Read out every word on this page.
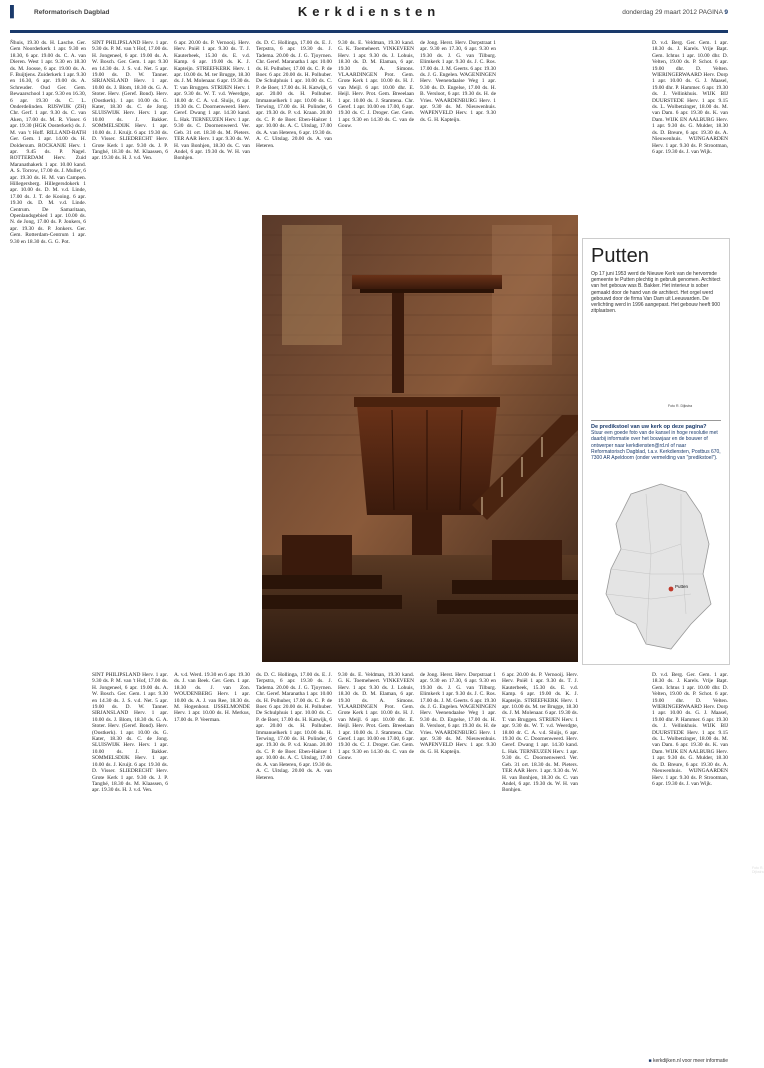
▌ Reformatorisch Dagblad	Kerkdiensten	donderdag 29 maart 2012 PAGINA 9

Ñhuis, 19.30 ds. H. Lasche. Ger. Gem Noorderkerk 1 apr. 9.30 en 18.30, 6 apr. 19.00 ds. C. A. van Dieren. West 1 apr. 9.30 en 18.30 ds. M. Joosse, 6 apr. 19.00 ds. A. F. Buijtjens. Zuiderkerk 1 apr. 9.30 en 16.30, 6 apr. 19.00 ds. A. Schreuder. Oud Ger. Gem. Bewaarschool 1 apr. 9.30 en 16.30, 6 apr. 19.30 ds. C. L. Onderdelinden. RIJSWIJK (ZH) Chr. Gerf. 1 apr. 9.30 ds. C. van Aken, 17.00 ds. M. R. Visser. 6 apr. 19.30 (HGK Oosterkerk) ds. J. M. van 't Hoff. RILLAND-BATH Ger. Gem. 1 apr. 14.00 ds. H. Doldersum. ROCKANJE Herv. 1 apr. 9.45 ds. P. Nagel. ROTTERDAM Herv. Zuid Maranathakerk 1 apr. 10.00 kand. A. S. Torrow, 17.00 ds. J. Muller, 6 apr. 19.30 ds. H. M. van Campen. Hillegersberg. Hillegersdokerk 1 apr. 10.00 ds. D. M. v.d. Linde, 17.00 ds. J. T. de Kooing. 6 apr. 19.30 ds. D. M. v.d. Linde. Centrum. De Samaritaan, Openlandsgebied 1 apr. 10.00 ds. N. de Jong, 17.00 ds. P. Jonkers, 6 apr. 19.30 ds. P. Jonkers. Ger. Gem. Rotterdam-Centrum 1 apr. 9.30 en 18.30 ds. G. G. Pot.

SINT PHILIPSLAND Herv. 1 apr. 9.30 ds. P. M. van 't Hof, 17.00 ds. H. Jongeneel, 6 apr. 19.00 ds. A. W. Bosch. Ger. Gem. 1 apr. 9.30 en 14.30 ds. J. S. v.d. Net. 5 apr. 19.00 ds. D. W. Tanner. SIRJANSLAND Herv. 1 apr. 10.00 ds. J. Blom, 18.30 ds. G. A. Stoter. Herv. (Geref. Bond). Herv. (Oostkerk). 1 apr. 10.00 ds. G. Kater, 18.30 ds. C. de Jong. SLUISWIJK Herv. Herv. 1 apr. 10.00 ds. J. Bakker. SOMMELSDIJK Herv. 1 apr. 10.00 ds. J. Kruijt. 6 apr. 19.30 ds. D. Visser. SLIEDRECHT Herv. Grote Kerk 1 apr. 9.30 ds. J. P. Tanghé, 18.30 ds. M. Klaassen, 6 apr. 19.30 ds. H. J. v.d. Ven.

6 apr. 20.00 ds. P. Vernooij. Herv. Herv. Pniël 1 apr. 9.30 ds. T. J. Kauterbeek, 15.30 ds. E. v.d. Kamp. 6 apr. 19.00 ds. K. J. Kapteijn. STREEFKERK Herv. 1 apr. 10.00 ds. M. ter Brugge, 18.30 ds. J. M. Molenaar. 6 apr. 19.30 ds. T. van Bruggen. STRIJEN Herv. 1 apr. 9.30 ds. W. T. v.d. Weerdgte, 18.00 dr. C. A. v.d. Sluijs, 6 apr. 19.30 ds. C. Doornenweerd. Herv. Geref. Dwang 1 apr. 14.30 kand. L. Hak. TERNEUZEN Herv. 1 apr. 9.30 ds. C. Doornenweerd. Ver. Geb. 31 ort. 18.30 ds. M. Pieters. TER AAR Herv. 1 apr. 9.30 ds. W. H. van Bonhjen, 18.30 ds. C. van Andel, 6 apr. 19.30 ds. W. H. van Bonhjen.

ds. D. C. Hollinga, 17.00 ds. E. J. Terpstra, 6 apr. 19.30 ds. J. Tadema. 20.00 ds. J. G. Tjoyrnen. Chr. Geref. Maranatha 1 apr. 10.00 ds. H. Polhuber, 17.00 ds. C. P. de Boer. 6 apr. 20.00 ds. H. Polhuber. De Schulphuis 1 apr. 10.00 ds. C. P. de Boer, 17.00 ds. H. Katwijk, 6 apr. 20.00 ds. H. Polhuber. Immanuelkerk 1 apr. 10.00 ds. H. Terwing, 17.00 ds. H. Polinder, 6 apr. 19.30 ds. P. v.d. Kraan. 20.00 ds. C. P. de Boer. Eben-Haëzer 1 apr. 10.00 ds. A. C. Uitslag, 17.00 ds. A. van Heteren, 6 apr. 19.30 ds. A. C. Uitslag. 20.00 ds. A. van Heteren.

9.30 ds. E. Veldman, 19.30 kand. G. K. Toemeheert. VINKEVEEN Herv. 1 apr. 9.30 ds. J. Lohuis, 18.30 ds. D. M. Elaman, 6 apr. 19.30 ds. A. Simons. VLAARDINGEN Prot. Gem. Grote Kerk 1 apr. 10.00 ds. H. J. van Meijl. 6 apr. 10.00 dhr. E. Heijl. Herv. Prot. Gem. Breeelaan 1 apr. 10.00 ds. J. Stamtena. Chr. Geref. 1 apr. 10.00 en 17.00, 6 apr. 19.30 ds. C. J. Droger. Ger. Gem. 1 apr. 9.30 en 14.30 ds. C. van de Gouw.

de Jong. Herst. Herv. Dorpstraat 1 apr. 9.30 en 17.30, 6 apr. 9.30 en 19.30 ds. J. G. van Tilburg. Elimkerk 1 apr. 9.30 ds. J. C. Ros. 17.00 ds. J. M. Geerts. 6 apr. 19.30 ds. J. G. Engelen. WAGENINGEN Herv. Veenendaalse Weg 1 apr. 9.30 ds. D. Engelse, 17.00 ds. H. B. Versloot, 6 apr. 19.30 ds. H. de Vries. WAARDENBURG Herv. 1 apr. 9.30 ds. M. Nieuwenhuis. WAPENVELD Herv. 1 apr. 9.30 ds. G. H. Kapteijn.

D. v.d. Berg. Ger. Gem. 1 apr. 18.30 ds. J. Karels. Vrije Bapt. Gem. Ichtus 1 apr. 10.00 dhr. D. Velten, 19.00 ds. P. Schot. 6 apr. 19.00 dhr. D. Velten. WIERINGERWAARD Herv. Dorp 1 apr. 10.00 ds. G. J. Maasel, 19.00 dhr. P. Hammer. 6 apr. 19.30 ds. J. Vellinkhuis. WIJK BIJ DUURSTEDE Herv. 1 apr. 9.15 ds. L. Wolbetzinger, 18.00 ds. M. van Dam. 6 apr. 19.30 ds. K. van Dam. WIJK EN AALBURG Herv. 1 apr. 9.30 ds. G. Mulder, 18.30 ds. D. Breure, 6 apr. 19.30 ds. A. Nieuwenhuis. WIJNGAARDEN Herv. 1 apr. 9.30 ds. P. Strootman, 6 apr. 19.30 ds. J. van Wijk.

SINT PHILIPSLAND Herv. 1 apr. 9.30 ds. P. M. van 't Hof, 17.00 ds. H. Jongeneel, 6 apr. 19.00 ds. A. W. Bosch. Ger. Gem. 1 apr. 9.30 en 14.30 ds. J. S. v.d. Net. 5 apr. 19.00 ds. D. W. Tanner. SIRJANSLAND Herv. 1 apr. 10.00 ds. J. Blom, 18.30 ds. G. A. Stoter. Herv. (Geref. Bond). Herv. (Oostkerk). 1 apr. 10.00 ds. G. Kater, 18.30 ds. C. de Jong. SLUISWIJK Herv. Herv. 1 apr. 10.00 ds. J. Bakker. SOMMELSDIJK Herv. 1 apr. 10.00 ds. J. Kruijt. 6 apr. 19.30 ds. D. Visser. SLIEDRECHT Herv. Grote Kerk 1 apr. 9.30 ds. J. P. Tanghé, 18.30 ds. M. Klaassen, 6 apr. 19.30 ds. H. J. v.d. Ven.

A. v.d. Werd. 19.30 en 6 apr. 19.30 ds. J. van Beek. Ger. Gem. 1 apr. 18.30 ds. J. van Zon. WOUDENBERG Herv. 1 apr. 10.00 ds. A. J. van Ree, 18.30 ds. M. Hogenhout. IJSSELMONDE Herv. 1 apr. 10.00 ds. H. Merkus, 17.00 ds. P. Veerman.

ds. D. C. Hollinga, 17.00 ds. E. J. Terpstra, 6 apr. 19.30 ds. J. Tadema. 20.00 ds. J. G. Tjoyrnen. Chr. Geref. Maranatha 1 apr. 10.00 ds. H. Polhuber, 17.00 ds. C. P. de Boer. 6 apr. 20.00 ds. H. Polhuber. De Schulphuis 1 apr. 10.00 ds. C. P. de Boer, 17.00 ds. H. Katwijk, 6 apr. 20.00 ds. H. Polhuber. Immanuelkerk 1 apr. 10.00 ds. H. Terwing, 17.00 ds. H. Polinder, 6 apr. 19.30 ds. P. v.d. Kraan. 20.00 ds. C. P. de Boer. Eben-Haëzer 1 apr. 10.00 ds. A. C. Uitslag, 17.00 ds. A. van Heteren, 6 apr. 19.30 ds. A. C. Uitslag. 20.00 ds. A. van Heteren.

9.30 ds. E. Veldman, 19.30 kand. G. K. Toemeheert. VINKEVEEN Herv. 1 apr. 9.30 ds. J. Lohuis, 18.30 ds. D. M. Elaman, 6 apr. 19.30 ds. A. Simons. VLAARDINGEN Prot. Gem. Grote Kerk 1 apr. 10.00 ds. H. J. van Meijl. 6 apr. 10.00 dhr. E. Heijl. Herv. Prot. Gem. Breeelaan 1 apr. 10.00 ds. J. Stamtena. Chr. Geref. 1 apr. 10.00 en 17.00, 6 apr. 19.30 ds. C. J. Droger. Ger. Gem. 1 apr. 9.30 en 14.30 ds. C. van de Gouw.

de Jong. Herst. Herv. Dorpstraat 1 apr. 9.30 en 17.30, 6 apr. 9.30 en 19.30 ds. J. G. van Tilburg. Elimkerk 1 apr. 9.30 ds. J. C. Ros. 17.00 ds. J. M. Geerts. 6 apr. 19.30 ds. J. G. Engelen. WAGENINGEN Herv. Veenendaalse Weg 1 apr. 9.30 ds. D. Engelse, 17.00 ds. H. B. Versloot, 6 apr. 19.30 ds. H. de Vries. WAARDENBURG Herv. 1 apr. 9.30 ds. M. Nieuwenhuis. WAPENVELD Herv. 1 apr. 9.30 ds. G. H. Kapteijn.

6 apr. 20.00 ds. P. Vernooij. Herv. Herv. Pniël 1 apr. 9.30 ds. T. J. Kauterbeek, 15.30 ds. E. v.d. Kamp. 6 apr. 19.00 ds. K. J. Kapteijn. STREEFKERK Herv. 1 apr. 10.00 ds. M. ter Brugge, 18.30 ds. J. M. Molenaar. 6 apr. 19.30 ds. T. van Bruggen. STRIJEN Herv. 1 apr. 9.30 ds. W. T. v.d. Weerdgte, 18.00 dr. C. A. v.d. Sluijs, 6 apr. 19.30 ds. C. Doornenweerd. Herv. Geref. Dwang 1 apr. 14.30 kand. L. Hak. TERNEUZEN Herv. 1 apr. 9.30 ds. C. Doornenweerd. Ver. Geb. 31 ort. 18.30 ds. M. Pieters. TER AAR Herv. 1 apr. 9.30 ds. W. H. van Bonhjen, 18.30 ds. C. van Andel, 6 apr. 19.30 ds. W. H. van Bonhjen.

D. v.d. Berg. Ger. Gem. 1 apr. 18.30 ds. J. Karels. Vrije Bapt. Gem. Ichtus 1 apr. 10.00 dhr. D. Velten, 19.00 ds. P. Schot. 6 apr. 19.00 dhr. D. Velten. WIERINGERWAARD Herv. Dorp 1 apr. 10.00 ds. G. J. Maasel, 19.00 dhr. P. Hammer. 6 apr. 19.30 ds. J. Vellinkhuis. WIJK BIJ DUURSTEDE Herv. 1 apr. 9.15 ds. L. Wolbetzinger, 18.00 ds. M. van Dam. 6 apr. 19.30 ds. K. van Dam. WIJK EN AALBURG Herv. 1 apr. 9.30 ds. G. Mulder, 18.30 ds. D. Breure, 6 apr. 19.30 ds. A. Nieuwenhuis. WIJNGAARDEN Herv. 1 apr. 9.30 ds. P. Strootman, 6 apr. 19.30 ds. J. van Wijk.

Foto R. Dijkstra
Putten
Op 17 juni 1953 werd de Nieuwe Kerk van de hervormde gemeente te Putten plechtig in gebruik genomen. Architect van het gebouw was B. Bakker. Het interieur is sober gemaakt door de hand van de architect. Het orgel werd gebouwd door de firma Van Dam uit Leeuwarden. De verlichting werd in 1996 aangepast. Het gebouw heeft 900 zitplaatsen.
Foto R. Dijkstra
De predikstoel van uw kerk op deze pagina?
Stuur een goede foto van de kansel in hoge resolutie met daarbij informatie over het bouwjaar en de bouwer of ontwerper naar kerkdiensten@rd.nl of naar Reformatorisch Dagblad, t.a.v. Kerkdiensten, Postbus 670, 7300 AR Apeldoorn (onder vermelding van "predikstoel").
Putten
■ kerkdijken.nl voor meer informatie
